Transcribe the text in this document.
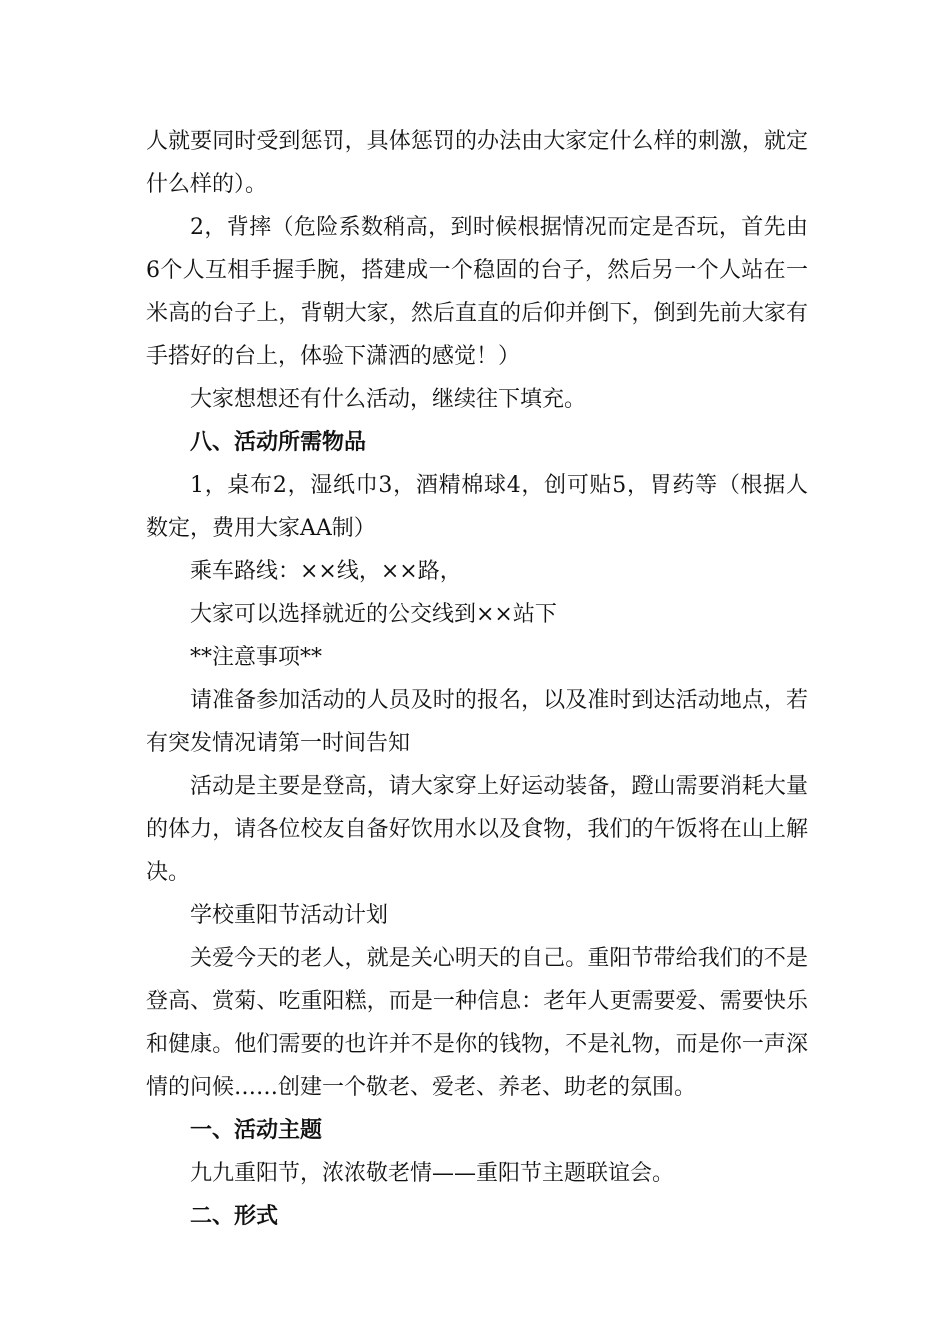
人就要同时受到惩罚，具体惩罚的办法由大家定什么样的刺激，就定什么样的）。

2，背摔（危险系数稍高，到时候根据情况而定是否玩，首先由6个人互相手握手腕，搭建成一个稳固的台子，然后另一个人站在一米高的台子上，背朝大家，然后直直的后仰并倒下，倒到先前大家有手搭好的台上，体验下潇洒的感觉！）

大家想想还有什么活动，继续往下填充。

八、活动所需物品

1，桌布2，湿纸巾3，酒精棉球4，创可贴5，胃药等（根据人数定，费用大家AA制）

乘车路线：××线，××路，

大家可以选择就近的公交线到××站下

**注意事项**

请准备参加活动的人员及时的报名，以及准时到达活动地点，若有突发情况请第一时间告知

活动是主要是登高，请大家穿上好运动装备，蹬山需要消耗大量的体力，请各位校友自备好饮用水以及食物，我们的午饭将在山上解决。

学校重阳节活动计划

关爱今天的老人，就是关心明天的自己。重阳节带给我们的不是登高、赏菊、吃重阳糕，而是一种信息：老年人更需要爱、需要快乐和健康。他们需要的也许并不是你的钱物，不是礼物，而是你一声深情的问候……创建一个敬老、爱老、养老、助老的氛围。

一、活动主题

九九重阳节，浓浓敬老情——重阳节主题联谊会。

二、形式
